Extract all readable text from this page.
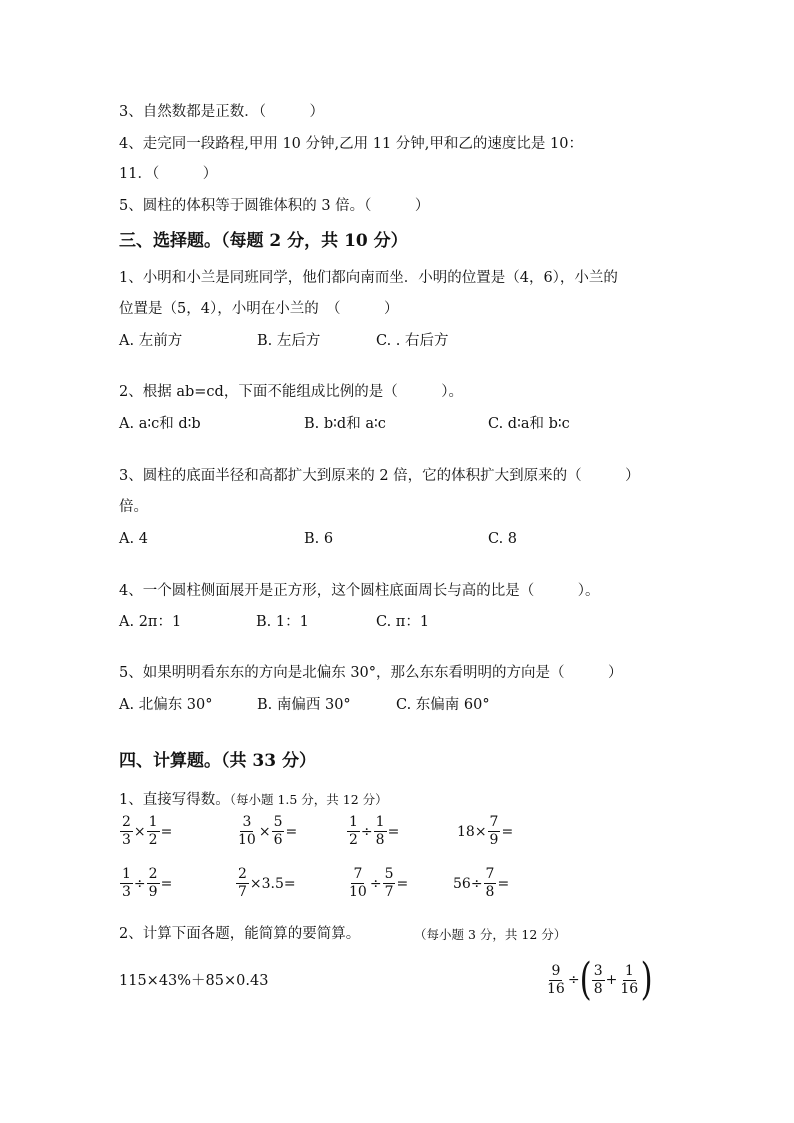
3、自然数都是正数．（　　　）
4、走完同一段路程,甲用 10 分钟,乙用 11 分钟,甲和乙的速度比是 10：
11．（　　　）
5、圆柱的体积等于圆锥体积的 3 倍。（　　　）
三、选择题。（每题 2 分，共 10 分）
1、小明和小兰是同班同学，他们都向南而坐．小明的位置是（4，6），小兰的
位置是（5，4），小明在小兰的　（　　　）
A. 左前方	B. 左后方	C. . 右后方
2、根据 ab=cd，下面不能组成比例的是（　　　）。
A. a∶c和 d∶b	B. b∶d和 a∶c	C. d∶a和 b∶c
3、圆柱的底面半径和高都扩大到原来的 2 倍，它的体积扩大到原来的（　　　）
倍。
A. 4	B. 6	C. 8
4、一个圆柱侧面展开是正方形，这个圆柱底面周长与高的比是（　　　）。
A. 2π：1	B. 1：1	C. π：1
5、如果明明看东东的方向是北偏东 30°，那么东东看明明的方向是（　　　）
A. 北偏东 30°	B. 南偏西 30°	C. 东偏南 60°
四、计算题。（共 33 分）
1、直接写得数。（每小题 1.5 分，共 12 分）
$\frac{2}{3} \times \frac{1}{2}$ =	$\frac{3}{10} \times \frac{5}{6}$ =	$\frac{1}{2} \div \frac{1}{8}$ =	$18\times \frac{7}{9}$ =
$\frac{1}{3} \div \frac{2}{9}$ =	$\frac{2}{7} \times 3.5=$	$\frac{7}{10} \div \frac{5}{7}$ =	$56\div \frac{7}{8}$ =
2、计算下面各题，能简算的要简算。	（每小题 3 分，共 12 分）
115×43%＋85×0.43	$\frac{9}{16}$ ÷ ( $\frac{3}{8} + \frac{1}{16}$ )
